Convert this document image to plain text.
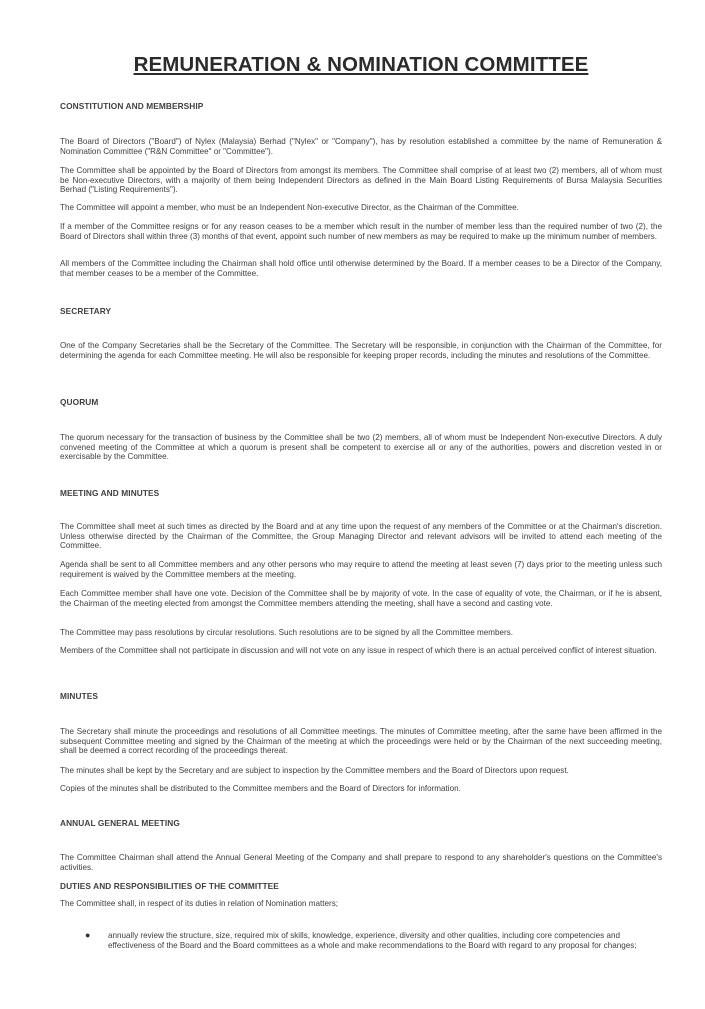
REMUNERATION & NOMINATION COMMITTEE
CONSTITUTION AND MEMBERSHIP

The Board of Directors ("Board") of Nylex (Malaysia) Berhad ("Nylex" or "Company"), has by resolution established a committee by the name of Remuneration & Nomination Committee ("R&N Committee" or "Committee").

The Committee shall be appointed by the Board of Directors from amongst its members. The Committee shall comprise of at least two (2) members, all of whom must be Non-executive Directors, with a majority of them being Independent Directors as defined in the Main Board Listing Requirements of Bursa Malaysia Securities Berhad ("Listing Requirements").

The Committee will appoint a member, who must be an Independent Non-executive Director, as the Chairman of the Committee.

If a member of the Committee resigns or for any reason ceases to be a member which result in the number of member less than the required number of two (2), the Board of Directors shall within three (3) months of that event, appoint such number of new members as may be required to make up the minimum number of members.

All members of the Committee including the Chairman shall hold office until otherwise determined by the Board. If a member ceases to be a Director of the Company, that member ceases to be a member of the Committee.

SECRETARY

One of the Company Secretaries shall be the Secretary of the Committee. The Secretary will be responsible, in conjunction with the Chairman of the Committee, for determining the agenda for each Committee meeting. He will also be responsible for keeping proper records, including the minutes and resolutions of the Committee.

QUORUM

The quorum necessary for the transaction of business by the Committee shall be two (2) members, all of whom must be Independent Non-executive Directors. A duly convened meeting of the Committee at which a quorum is present shall be competent to exercise all or any of the authorities, powers and discretion vested in or exercisable by the Committee.

MEETING AND MINUTES

The Committee shall meet at such times as directed by the Board and at any time upon the request of any members of the Committee or at the Chairman's discretion. Unless otherwise directed by the Chairman of the Committee, the Group Managing Director and relevant advisors will be invited to attend each meeting of the Committee.

Agenda shall be sent to all Committee members and any other persons who may require to attend the meeting at least seven (7) days prior to the meeting unless such requirement is waived by the Committee members at the meeting.

Each Committee member shall have one vote. Decision of the Committee shall be by majority of vote. In the case of equality of vote, the Chairman, or if he is absent, the Chairman of the meeting elected from amongst the Committee members attending the meeting, shall have a second and casting vote.

The Committee may pass resolutions by circular resolutions. Such resolutions are to be signed by all the Committee members.

Members of the Committee shall not participate in discussion and will not vote on any issue in respect of which there is an actual perceived conflict of interest situation.

MINUTES

The Secretary shall minute the proceedings and resolutions of all Committee meetings. The minutes of Committee meeting, after the same have been affirmed in the subsequent Committee meeting and signed by the Chairman of the meeting at which the proceedings were held or by the Chairman of the next succeeding meeting, shall be deemed a correct recording of the proceedings thereat.

The minutes shall be kept by the Secretary and are subject to inspection by the Committee members and the Board of Directors upon request.

Copies of the minutes shall be distributed to the Committee members and the Board of Directors for information.

ANNUAL GENERAL MEETING

The Committee Chairman shall attend the Annual General Meeting of the Company and shall prepare to respond to any shareholder's questions on the Committee's activities.

DUTIES AND RESPONSIBILITIES OF THE COMMITTEE

The Committee shall, in respect of its duties in relation of Nomination matters;

● annually review the structure, size, required mix of skills, knowledge, experience, diversity and other qualities, including core competencies and effectiveness of the Board and the Board committees as a whole and make recommendations to the Board with regard to any proposal for changes;
